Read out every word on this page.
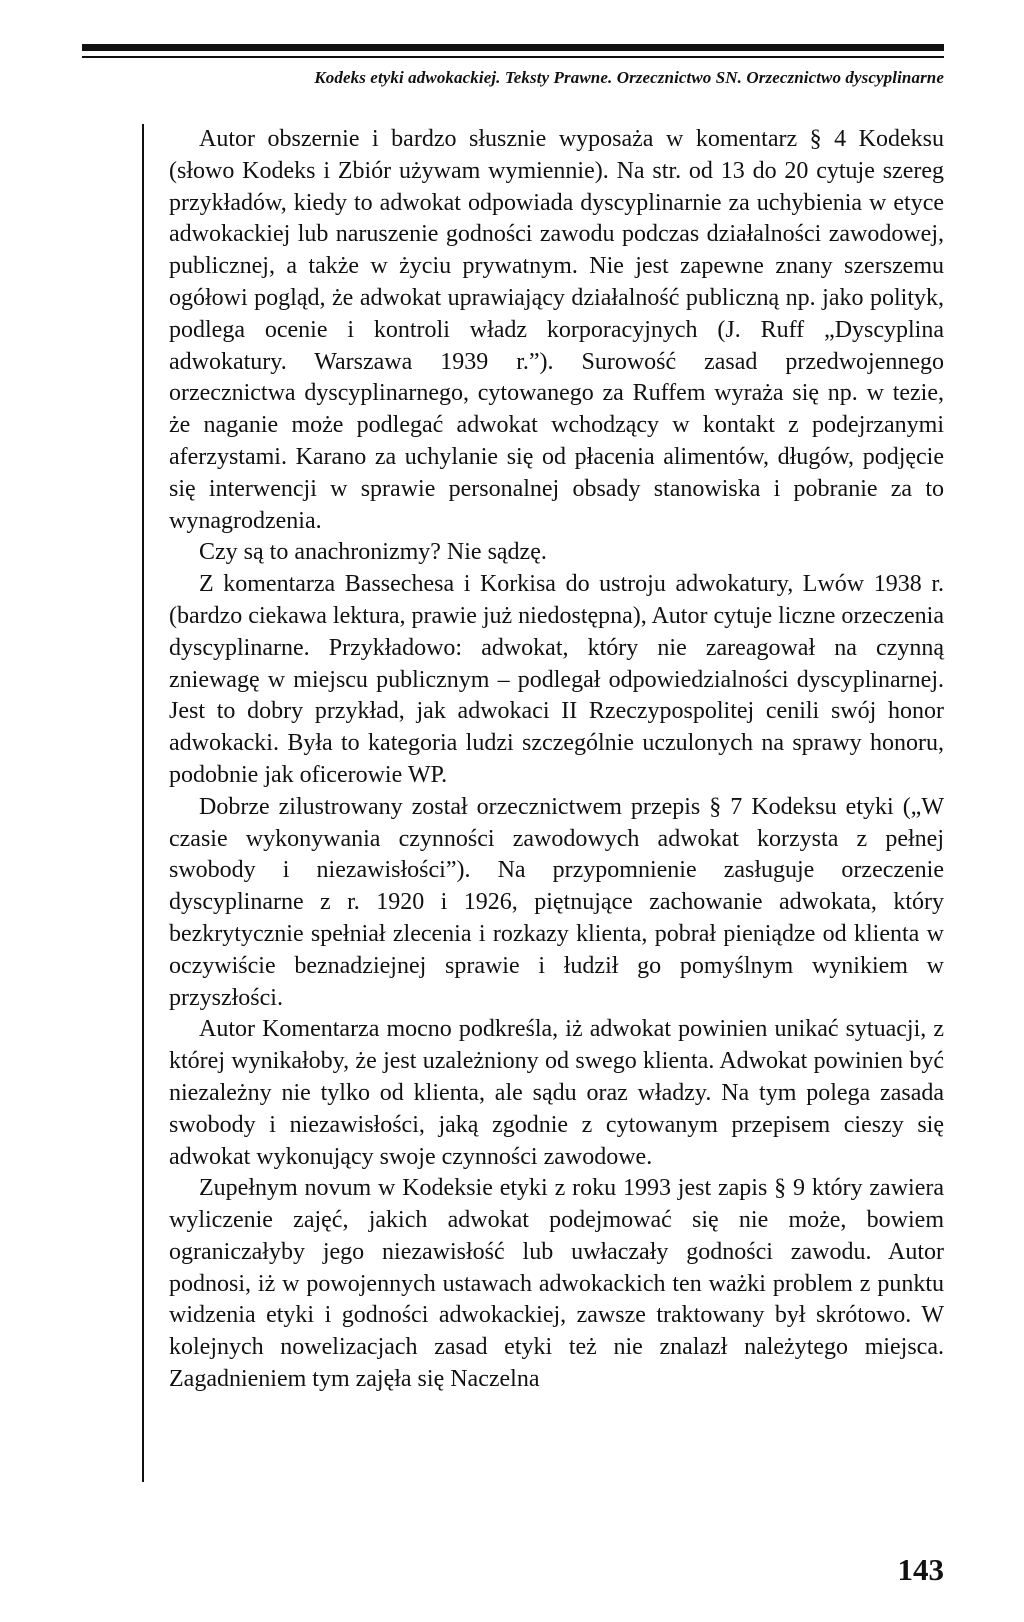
Kodeks etyki adwokackiej. Teksty Prawne. Orzecznictwo SN. Orzecznictwo dyscyplinarne

Autor obszernie i bardzo słusznie wyposaża w komentarz § 4 Kodeksu (słowo Kodeks i Zbiór używam wymiennie). Na str. od 13 do 20 cytuje szereg przykładów, kiedy to adwokat odpowiada dyscyplinarnie za uchybienia w etyce adwokackiej lub naruszenie godności zawodu podczas działalności zawodowej, publicznej, a także w życiu prywatnym. Nie jest zapewne znany szerszemu ogółowi pogląd, że adwokat uprawiający działalność publiczną np. jako polityk, podlega ocenie i kontroli władz korporacyjnych (J. Ruff „Dyscyplina adwokatury. Warszawa 1939 r.”). Surowość zasad przedwojennego orzecznictwa dyscyplinarnego, cytowanego za Ruffem wyraża się np. w tezie, że naganie może podlegać adwokat wchodzący w kontakt z podejrzanymi aferzystami. Karano za uchylanie się od płacenia alimentów, długów, podjęcie się interwencji w sprawie personalnej obsady stanowiska i pobranie za to wynagrodzenia.

Czy są to anachronizmy? Nie sądzę.

Z komentarza Bassechesa i Korkisa do ustroju adwokatury, Lwów 1938 r. (bardzo ciekawa lektura, prawie już niedostępna), Autor cytuje liczne orzeczenia dyscyplinarne. Przykładowo: adwokat, który nie zareagował na czynną zniewagę w miejscu publicznym – podlegał odpowiedzialności dyscyplinarnej. Jest to dobry przykład, jak adwokaci II Rzeczypospolitej cenili swój honor adwokacki. Była to kategoria ludzi szczególnie uczulonych na sprawy honoru, podobnie jak oficerowie WP.

Dobrze zilustrowany został orzecznictwem przepis § 7 Kodeksu etyki („W czasie wykonywania czynności zawodowych adwokat korzysta z pełnej swobody i niezawisłości”). Na przypomnienie zasługuje orzeczenie dyscyplinarne z r. 1920 i 1926, piętnujące zachowanie adwokata, który bezkrytycznie spełniał zlecenia i rozkazy klienta, pobrał pieniądze od klienta w oczywiście beznadziejnej sprawie i łudził go pomyślnym wynikiem w przyszłości.

Autor Komentarza mocno podkreśla, iż adwokat powinien unikać sytuacji, z której wynikałoby, że jest uzależniony od swego klienta. Adwokat powinien być niezależny nie tylko od klienta, ale sądu oraz władzy. Na tym polega zasada swobody i niezawisłości, jaką zgodnie z cytowanym przepisem cieszy się adwokat wykonujący swoje czynności zawodowe.

Zupełnym novum w Kodeksie etyki z roku 1993 jest zapis § 9 który zawiera wyliczenie zajęć, jakich adwokat podejmować się nie może, bowiem ograniczałyby jego niezawisłość lub uwłaczały godności zawodu. Autor podnosi, iż w powojennych ustawach adwokackich ten ważki problem z punktu widzenia etyki i godności adwokackiej, zawsze traktowany był skrótowo. W kolejnych nowelizacjach zasad etyki też nie znalazł należytego miejsca. Zagadnieniem tym zajęła się Naczelna

143
